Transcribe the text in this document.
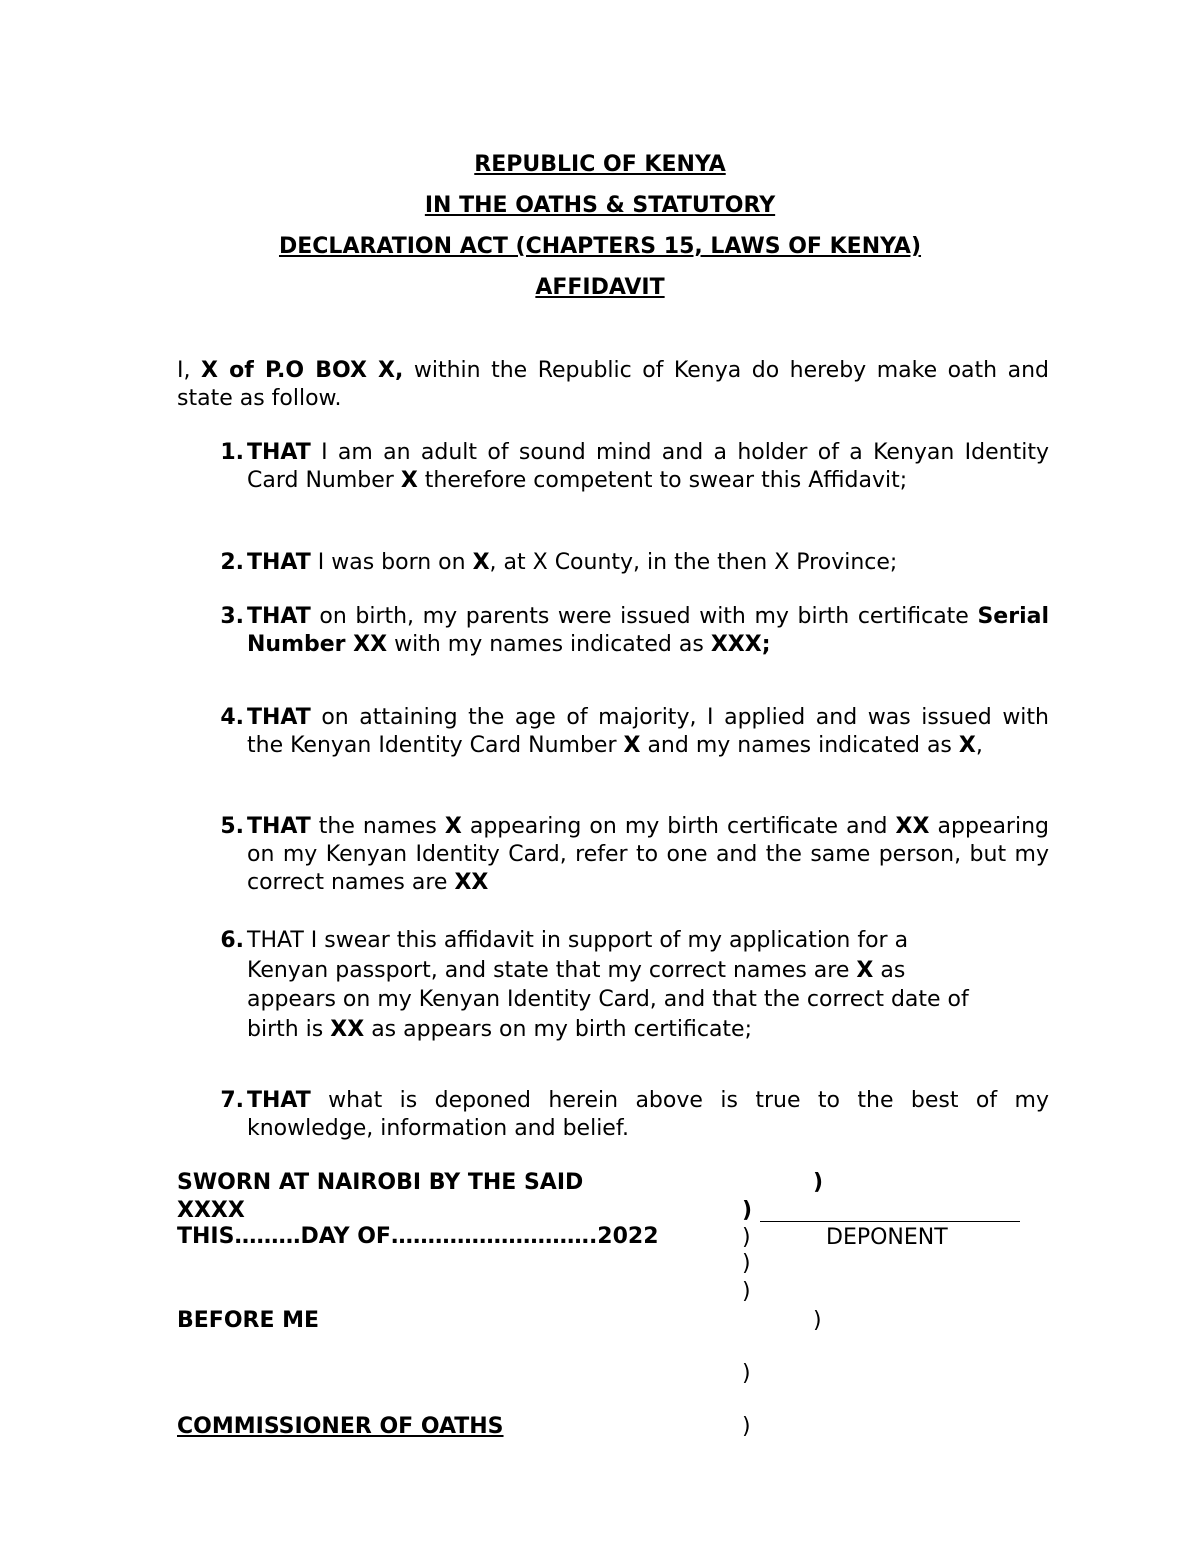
REPUBLIC OF KENYA
IN THE OATHS & STATUTORY
DECLARATION ACT (CHAPTERS 15, LAWS OF KENYA)
AFFIDAVIT
I, X of P.O BOX X, within the Republic of Kenya do hereby make oath and state as follow.
1. THAT I am an adult of sound mind and a holder of a Kenyan Identity Card Number X therefore competent to swear this Affidavit;
2. THAT I was born on X, at X County, in the then X Province;
3. THAT on birth, my parents were issued with my birth certificate Serial Number XX with my names indicated as XXX;
4. THAT on attaining the age of majority, I applied and was issued with the Kenyan Identity Card Number X and my names indicated as X,
5. THAT the names X appearing on my birth certificate and XX appearing on my Kenyan Identity Card, refer to one and the same person, but my correct names are XX
6. THAT I swear this affidavit in support of my application for a
Kenyan passport, and state that my correct names are X as
appears on my Kenyan Identity Card, and that the correct date of
birth is XX as appears on my birth certificate;
7. THAT what is deponed herein above is true to the best of my knowledge, information and belief.
SWORN AT NAIROBI BY THE SAID
XXXX
THIS………DAY OF……………………….2022
BEFORE ME
COMMISSIONER OF OATHS
)
)
)
)
)
)
)
)
DEPONENT
